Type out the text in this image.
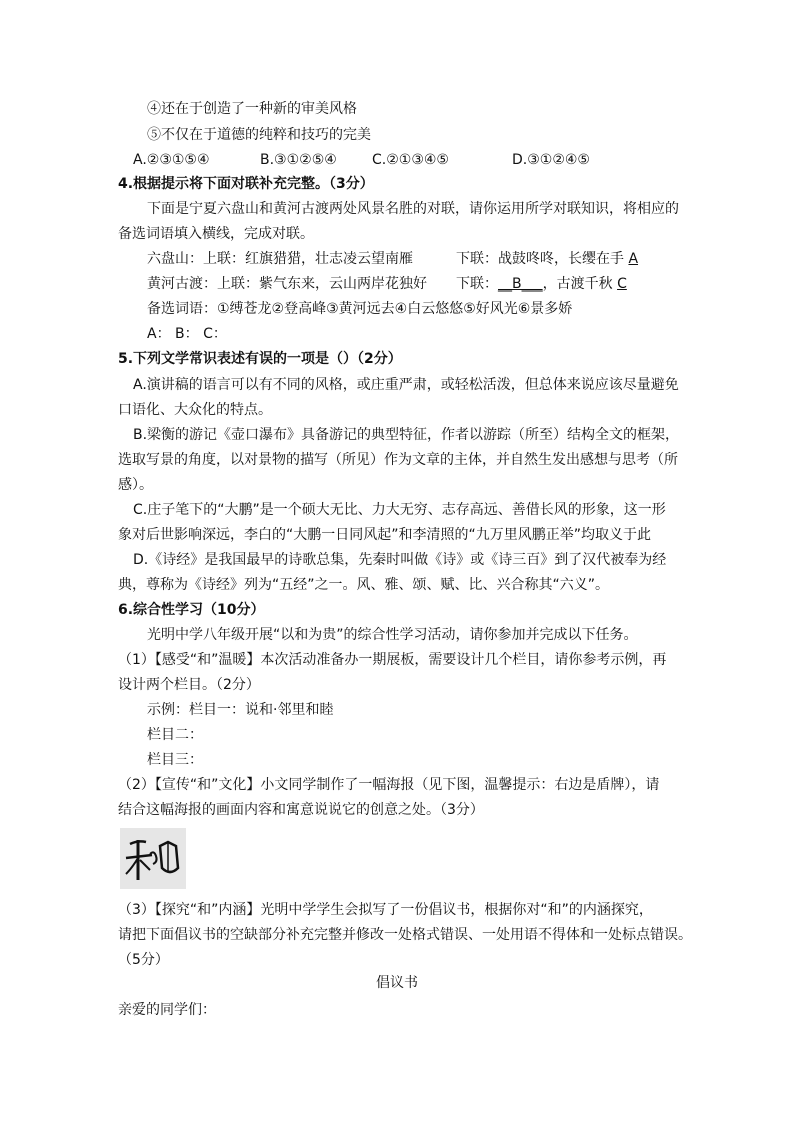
④还在于创造了一种新的审美风格
⑤不仅在于道德的纯粹和技巧的完美
A.②③①⑤④	B.③①②⑤④	C.②①③④⑤	D.③①②④⑤
4.根据提示将下面对联补充完整。（3分）
下面是宁夏六盘山和黄河古渡两处风景名胜的对联，请你运用所学对联知识，将相应的
备选词语填入横线，完成对联。
六盘山：上联：红旗猎猎，壮志凌云望南雁	下联：战鼓咚咚，长缨在手 A
黄河古渡：上联：紫气东来，云山两岸花独好 下联：__B___，古渡千秋 C
备选词语：①缚苍龙②登高峰③黄河远去④白云悠悠⑤好风光⑥景多娇
A： B： C：
5.下列文学常识表述有误的一项是（）（2分）
A.演讲稿的语言可以有不同的风格，或庄重严肃，或轻松活泼，但总体来说应该尽量避免
口语化、大众化的特点。
B.梁衡的游记《壶口瀑布》具备游记的典型特征，作者以游踪（所至）结构全文的框架，
选取写景的角度，以对景物的描写（所见）作为文章的主体，并自然生发出感想与思考（所
感）。
C.庄子笔下的“大鹏”是一个硕大无比、力大无穷、志存高远、善借长风的形象，这一形
象对后世影响深远，李白的“大鹏一日同风起”和李清照的“九万里风鹏正举”均取义于此
D.《诗经》是我国最早的诗歌总集，先秦时叫做《诗》或《诗三百》到了汉代被奉为经
典，尊称为《诗经》列为“五经”之一。风、雅、颂、赋、比、兴合称其“六义”。
6.综合性学习（10分）
光明中学八年级开展“以和为贵”的综合性学习活动，请你参加并完成以下任务。
（1）【感受“和”温暖】本次活动准备办一期展板，需要设计几个栏目，请你参考示例，再
设计两个栏目。（2分）
示例：栏目一：说和·邻里和睦
栏目二：
栏目三：
（2）【宣传“和”文化】小文同学制作了一幅海报（见下图，温馨提示：右边是盾牌），请
结合这幅海报的画面内容和寓意说说它的创意之处。（3分）
（3）【探究“和”内涵】光明中学学生会拟写了一份倡议书，根据你对“和”的内涵探究，
请把下面倡议书的空缺部分补充完整并修改一处格式错误、一处用语不得体和一处标点错误。
（5分）
倡议书
亲爱的同学们：
